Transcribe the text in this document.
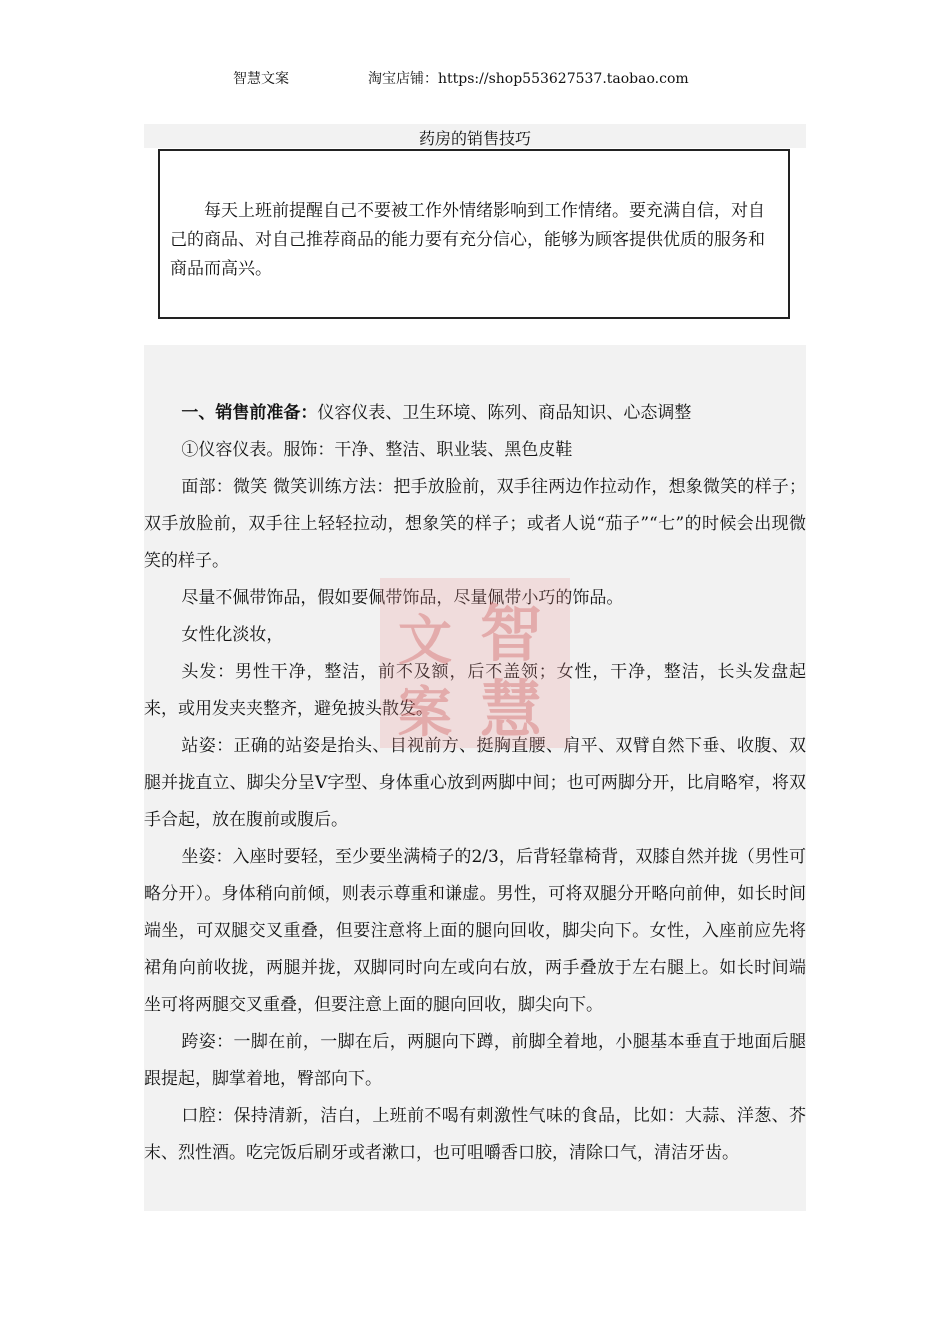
智慧文案	淘宝店铺：https://shop553627537.taobao.com
药房的销售技巧

每天上班前提醒自己不要被工作外情绪影响到工作情绪。要充满自信，对自己的商品、对自己推荐商品的能力要有充分信心，能够为顾客提供优质的服务和商品而高兴。

一、销售前准备：仪容仪表、卫生环境、陈列、商品知识、心态调整

①仪容仪表。服饰：干净、整洁、职业装、黑色皮鞋

面部：微笑 微笑训练方法：把手放脸前，双手往两边作拉动作，想象微笑的样子；双手放脸前，双手往上轻轻拉动，想象笑的样子；或者人说“茄子”“七”的时候会出现微笑的样子。

尽量不佩带饰品，假如要佩带饰品，尽量佩带小巧的饰品。

女性化淡妆，

头发：男性干净，整洁，前不及额，后不盖领；女性，干净，整洁，长头发盘起来，或用发夹夹整齐，避免披头散发。

站姿：正确的站姿是抬头、目视前方、挺胸直腰、肩平、双臂自然下垂、收腹、双腿并拢直立、脚尖分呈V字型、身体重心放到两脚中间；也可两脚分开，比肩略窄，将双手合起，放在腹前或腹后。

坐姿：入座时要轻，至少要坐满椅子的2/3，后背轻靠椅背，双膝自然并拢（男性可略分开）。身体稍向前倾，则表示尊重和谦虚。男性，可将双腿分开略向前伸，如长时间端坐，可双腿交叉重叠，但要注意将上面的腿向回收，脚尖向下。女性，入座前应先将裙角向前收拢，两腿并拢，双脚同时向左或向右放，两手叠放于左右腿上。如长时间端坐可将两腿交叉重叠，但要注意上面的腿向回收，脚尖向下。

跨姿：一脚在前，一脚在后，两腿向下蹲，前脚全着地，小腿基本垂直于地面后腿跟提起，脚掌着地，臀部向下。

口腔：保持清新，洁白，上班前不喝有刺激性气味的食品，比如：大蒜、洋葱、芥末、烈性酒。吃完饭后刷牙或者漱口，也可咀嚼香口胶，清除口气，清洁牙齿。

智
慧
文
案
